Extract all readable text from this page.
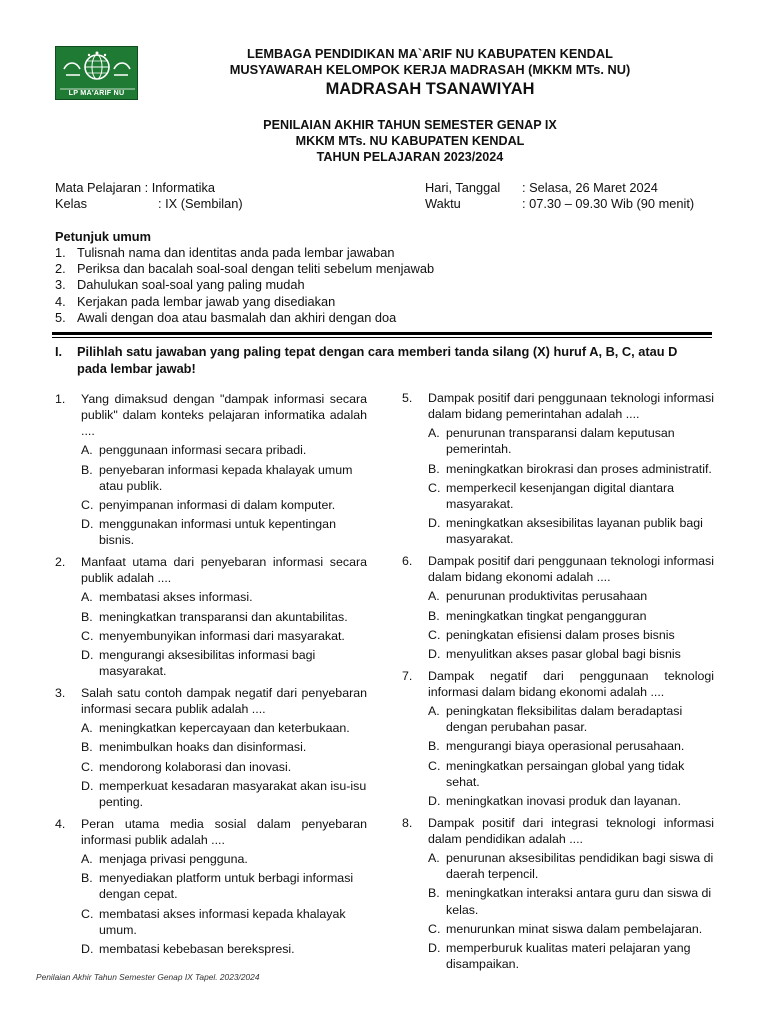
LP MA'ARIF NU
LEMBAGA PENDIDIKAN MA`ARIF NU KABUPATEN KENDAL
MUSYAWARAH KELOMPOK KERJA MADRASAH (MKKM MTs. NU)
MADRASAH TSANAWIYAH
PENILAIAN AKHIR TAHUN SEMESTER GENAP IX
MKKM MTs. NU KABUPATEN KENDAL
TAHUN PELAJARAN 2023/2024
Mata Pelajaran : Informatika
Kelas	: IX (Sembilan)
Hari, Tanggal : Selasa, 26 Maret 2024
Waktu	: 07.30 – 09.30 Wib (90 menit)
Petunjuk umum
1. Tulisnah nama dan identitas anda pada lembar jawaban
2. Periksa dan bacalah soal-soal dengan teliti sebelum menjawab
3. Dahulukan soal-soal yang paling mudah
4. Kerjakan pada lembar jawab yang disediakan
5. Awali dengan doa atau basmalah dan akhiri dengan doa
I.	Pilihlah satu jawaban yang paling tepat dengan cara memberi tanda silang (X) huruf A, B, C, atau D pada lembar jawab!
1.	Yang dimaksud dengan "dampak informasi secara publik" dalam konteks pelajaran informatika adalah ....
A. penggunaan informasi secara pribadi.
B. penyebaran informasi kepada khalayak umum atau publik.
C. penyimpanan informasi di dalam komputer.
D. menggunakan informasi untuk kepentingan bisnis.
2.	Manfaat utama dari penyebaran informasi secara publik adalah ....
A. membatasi akses informasi.
B. meningkatkan transparansi dan akuntabilitas.
C. menyembunyikan informasi dari masyarakat.
D. mengurangi aksesibilitas informasi bagi masyarakat.
3.	Salah satu contoh dampak negatif dari penyebaran informasi secara publik adalah ....
A. meningkatkan kepercayaan dan keterbukaan.
B. menimbulkan hoaks dan disinformasi.
C. mendorong kolaborasi dan inovasi.
D. memperkuat kesadaran masyarakat akan isu-isu penting.
4.	Peran utama media sosial dalam penyebaran informasi publik adalah ....
A. menjaga privasi pengguna.
B. menyediakan platform untuk berbagi informasi dengan cepat.
C. membatasi akses informasi kepada khalayak umum.
D. membatasi kebebasan berekspresi.
5.	Dampak positif dari penggunaan teknologi informasi dalam bidang pemerintahan adalah ....
A. penurunan transparansi dalam keputusan pemerintah.
B. meningkatkan birokrasi dan proses administratif.
C. memperkecil kesenjangan digital diantara masyarakat.
D. meningkatkan aksesibilitas layanan publik bagi masyarakat.
6.	Dampak positif dari penggunaan teknologi informasi dalam bidang ekonomi adalah ....
A. penurunan produktivitas perusahaan
B. meningkatkan tingkat pengangguran
C. peningkatan efisiensi dalam proses bisnis
D. menyulitkan akses pasar global bagi bisnis
7.	Dampak negatif dari penggunaan teknologi informasi dalam bidang ekonomi adalah ....
A. peningkatan fleksibilitas dalam beradaptasi dengan perubahan pasar.
B. mengurangi biaya operasional perusahaan.
C. meningkatkan persaingan global yang tidak sehat.
D. meningkatkan inovasi produk dan layanan.
8.	Dampak positif dari integrasi teknologi informasi dalam pendidikan adalah ....
A. penurunan aksesibilitas pendidikan bagi siswa di daerah terpencil.
B. meningkatkan interaksi antara guru dan siswa di kelas.
C. menurunkan minat siswa dalam pembelajaran.
D. memperburuk kualitas materi pelajaran yang disampaikan.
Penilaian Akhir Tahun Semester Genap IX Tapel. 2023/2024
